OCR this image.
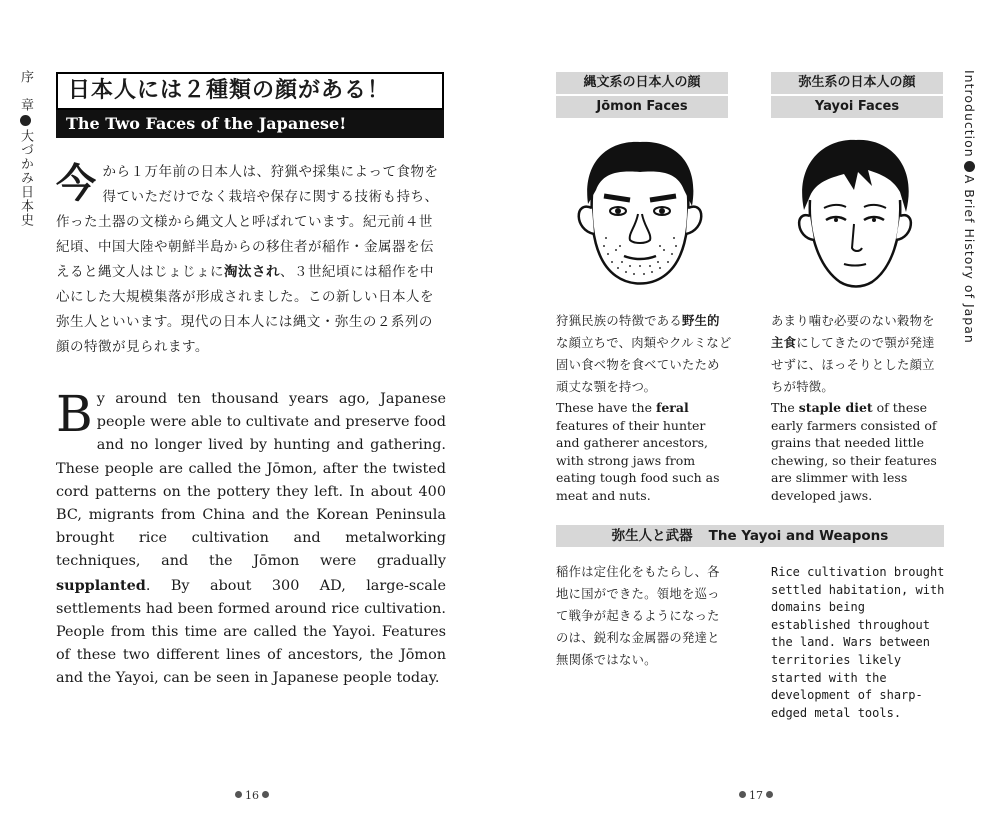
序　章大づかみ日本史
日本人には２種類の顔がある！
The Two Faces of the Japanese!
今から１万年前の日本人は、狩猟や採集によって食物を得ていただけでなく栽培や保存に関する技術も持ち、作った土器の文様から縄文人と呼ばれています。紀元前４世紀頃、中国大陸や朝鮮半島からの移住者が稲作・金属器を伝えると縄文人はじょじょに淘汰され、３世紀頃には稲作を中心にした大規模集落が形成されました。この新しい日本人を弥生人といいます。現代の日本人には縄文・弥生の２系列の顔の特徴が見られます。
By around ten thousand years ago, Japanese people were able to cultivate and preserve food and no longer lived by hunting and gathering. These people are called the Jōmon, after the twisted cord patterns on the pottery they left. In about 400 BC, migrants from China and the Korean Peninsula brought rice cultivation and metalworking techniques, and the Jōmon were gradually supplanted. By about 300 AD, large-scale settlements had been formed around rice cultivation. People from this time are called the Yayoi. Features of these two different lines of ancestors, the Jōmon and the Yayoi, can be seen in Japanese people today.
16
IntroductionA Brief History of Japan
縄文系の日本人の顔
Jōmon Faces
狩猟民族の特徴である野生的な顔立ちで、肉類やクルミなど固い食べ物を食べていたため頑丈な顎を持つ。
These have the feral features of their hunter and gatherer ancestors, with strong jaws from eating tough food such as meat and nuts.
弥生系の日本人の顔
Yayoi Faces
あまり噛む必要のない穀物を主食にしてきたので顎が発達せずに、ほっそりとした顔立ちが特徴。
The staple diet of these early farmers consisted of grains that needed little chewing, so their features are slimmer with less developed jaws.
弥生人と武器 The Yayoi and Weapons
稲作は定住化をもたらし、各地に国ができた。領地を巡って戦争が起きるようになったのは、鋭利な金属器の発達と無関係ではない。
Rice cultivation brought settled habitation, with domains being established throughout the land. Wars between territories likely started with the development of sharp-edged metal tools.
17
